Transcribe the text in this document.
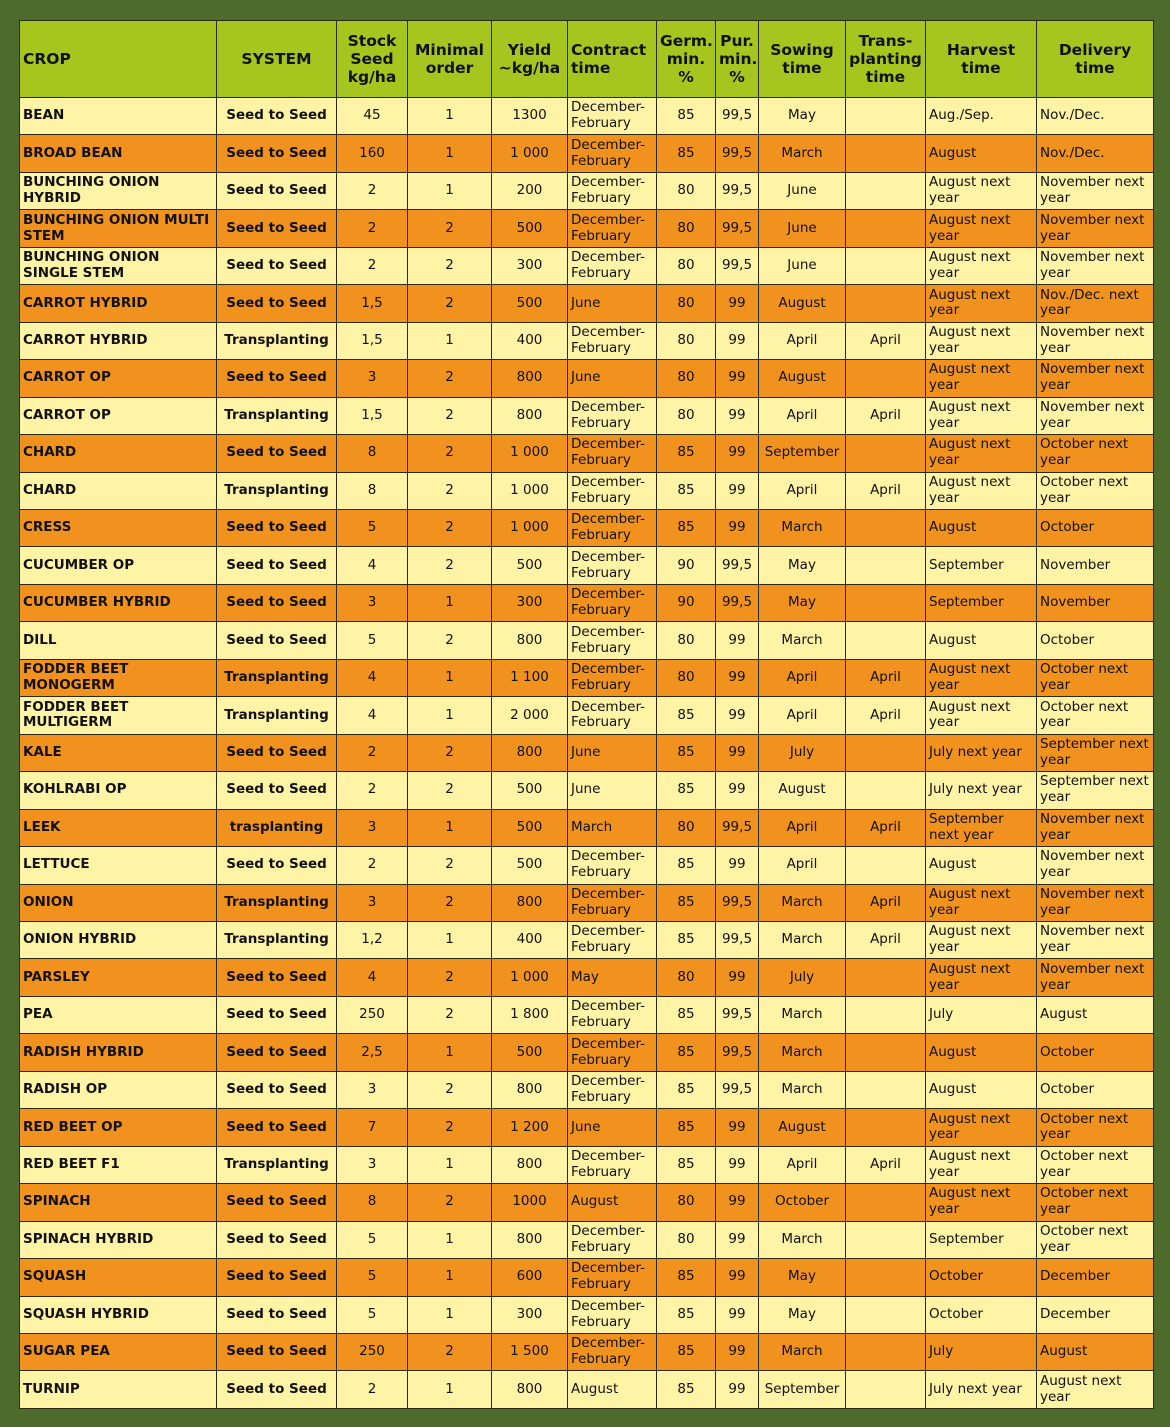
CROP	SYSTEM	Stock Seed kg/ha	Minimal order	Yield ~kg/ha	Contract time	Germ. min. %	Pur. min. %	Sowing time	Trans-planting time	Harvest time	Delivery time
BEAN	Seed to Seed	45	1	1300	December-February	85	99,5	May		Aug./Sep.	Nov./Dec.
BROAD BEAN	Seed to Seed	160	1	1 000	December-February	85	99,5	March		August	Nov./Dec.
BUNCHING ONION HYBRID	Seed to Seed	2	1	200	December-February	80	99,5	June		August next year	November next year
BUNCHING ONION MULTI STEM	Seed to Seed	2	2	500	December-February	80	99,5	June		August next year	November next year
BUNCHING ONION SINGLE STEM	Seed to Seed	2	2	300	December-February	80	99,5	June		August next year	November next year
CARROT HYBRID	Seed to Seed	1,5	2	500	June	80	99	August		August next year	Nov./Dec. next year
CARROT HYBRID	Transplanting	1,5	1	400	December-February	80	99	April	April	August next year	November next year
CARROT OP	Seed to Seed	3	2	800	June	80	99	August		August next year	November next year
CARROT OP	Transplanting	1,5	2	800	December-February	80	99	April	April	August next year	November next year
CHARD	Seed to Seed	8	2	1 000	December-February	85	99	September		August next year	October next year
CHARD	Transplanting	8	2	1 000	December-February	85	99	April	April	August next year	October next year
CRESS	Seed to Seed	5	2	1 000	December-February	85	99	March		August	October
CUCUMBER OP	Seed to Seed	4	2	500	December-February	90	99,5	May		September	November
CUCUMBER HYBRID	Seed to Seed	3	1	300	December-February	90	99,5	May		September	November
DILL	Seed to Seed	5	2	800	December-February	80	99	March		August	October
FODDER BEET MONOGERM	Transplanting	4	1	1 100	December-February	80	99	April	April	August next year	October next year
FODDER BEET MULTIGERM	Transplanting	4	1	2 000	December-February	85	99	April	April	August next year	October next year
KALE	Seed to Seed	2	2	800	June	85	99	July		July next year	September next year
KOHLRABI OP	Seed to Seed	2	2	500	June	85	99	August		July next year	September next year
LEEK	trasplanting	3	1	500	March	80	99,5	April	April	September next year	November next year
LETTUCE	Seed to Seed	2	2	500	December-February	85	99	April		August	November next year
ONION	Transplanting	3	2	800	December-February	85	99,5	March	April	August next year	November next year
ONION HYBRID	Transplanting	1,2	1	400	December-February	85	99,5	March	April	August next year	November next year
PARSLEY	Seed to Seed	4	2	1 000	May	80	99	July		August next year	November next year
PEA	Seed to Seed	250	2	1 800	December-February	85	99,5	March		July	August
RADISH HYBRID	Seed to Seed	2,5	1	500	December-February	85	99,5	March		August	October
RADISH OP	Seed to Seed	3	2	800	December-February	85	99,5	March		August	October
RED BEET OP	Seed to Seed	7	2	1 200	June	85	99	August		August next year	October next year
RED BEET F1	Transplanting	3	1	800	December-February	85	99	April	April	August next year	October next year
SPINACH	Seed to Seed	8	2	1000	August	80	99	October		August next year	October next year
SPINACH HYBRID	Seed to Seed	5	1	800	December-February	80	99	March		September	October next year
SQUASH	Seed to Seed	5	1	600	December-February	85	99	May		October	December
SQUASH HYBRID	Seed to Seed	5	1	300	December-February	85	99	May		October	December
SUGAR PEA	Seed to Seed	250	2	1 500	December-February	85	99	March		July	August
TURNIP	Seed to Seed	2	1	800	August	85	99	September		July next year	August next year
